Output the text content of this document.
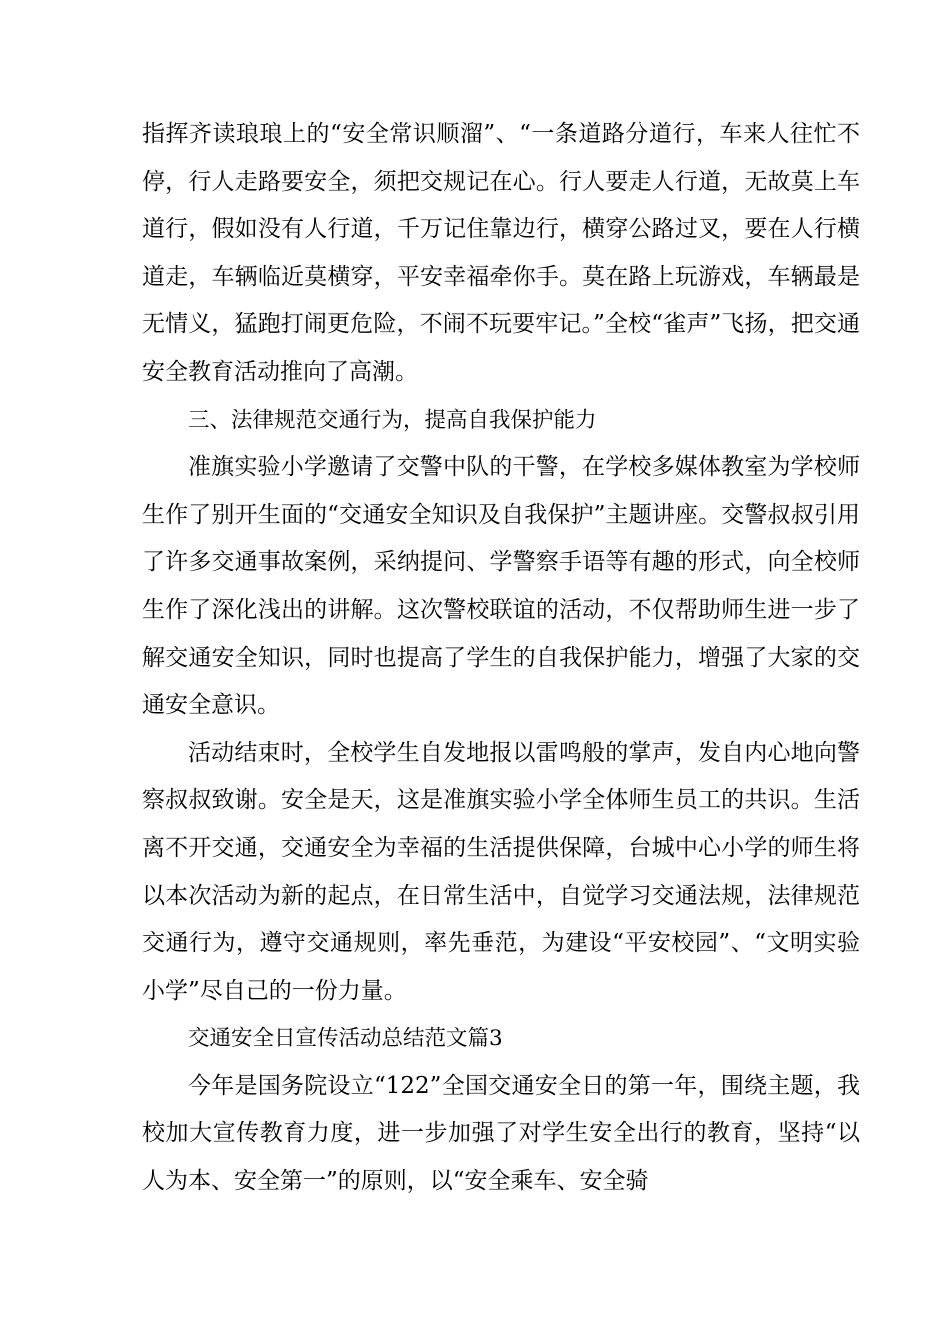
指挥齐读琅琅上的“安全常识顺溜”、“一条道路分道行，车来人往忙不停，行人走路要安全，须把交规记在心。行人要走人行道，无故莫上车道行，假如没有人行道，千万记住靠边行，横穿公路过叉，要在人行横道走，车辆临近莫横穿，平安幸福牵你手。莫在路上玩游戏，车辆最是无情义，猛跑打闹更危险，不闹不玩要牢记。”全校“雀声”飞扬，把交通安全教育活动推向了高潮。

三、法律规范交通行为，提高自我保护能力

准旗实验小学邀请了交警中队的干警，在学校多媒体教室为学校师生作了别开生面的“交通安全知识及自我保护”主题讲座。交警叔叔引用了许多交通事故案例，采纳提问、学警察手语等有趣的形式，向全校师生作了深化浅出的讲解。这次警校联谊的活动，不仅帮助师生进一步了解交通安全知识，同时也提高了学生的自我保护能力，增强了大家的交通安全意识。

活动结束时，全校学生自发地报以雷鸣般的掌声，发自内心地向警察叔叔致谢。安全是天，这是准旗实验小学全体师生员工的共识。生活离不开交通，交通安全为幸福的生活提供保障，台城中心小学的师生将以本次活动为新的起点，在日常生活中，自觉学习交通法规，法律规范交通行为，遵守交通规则，率先垂范，为建设“平安校园”、“文明实验小学”尽自己的一份力量。

交通安全日宣传活动总结范文篇3

今年是国务院设立“122”全国交通安全日的第一年，围绕主题，我校加大宣传教育力度，进一步加强了对学生安全出行的教育，坚持“以人为本、安全第一”的原则，以“安全乘车、安全骑
